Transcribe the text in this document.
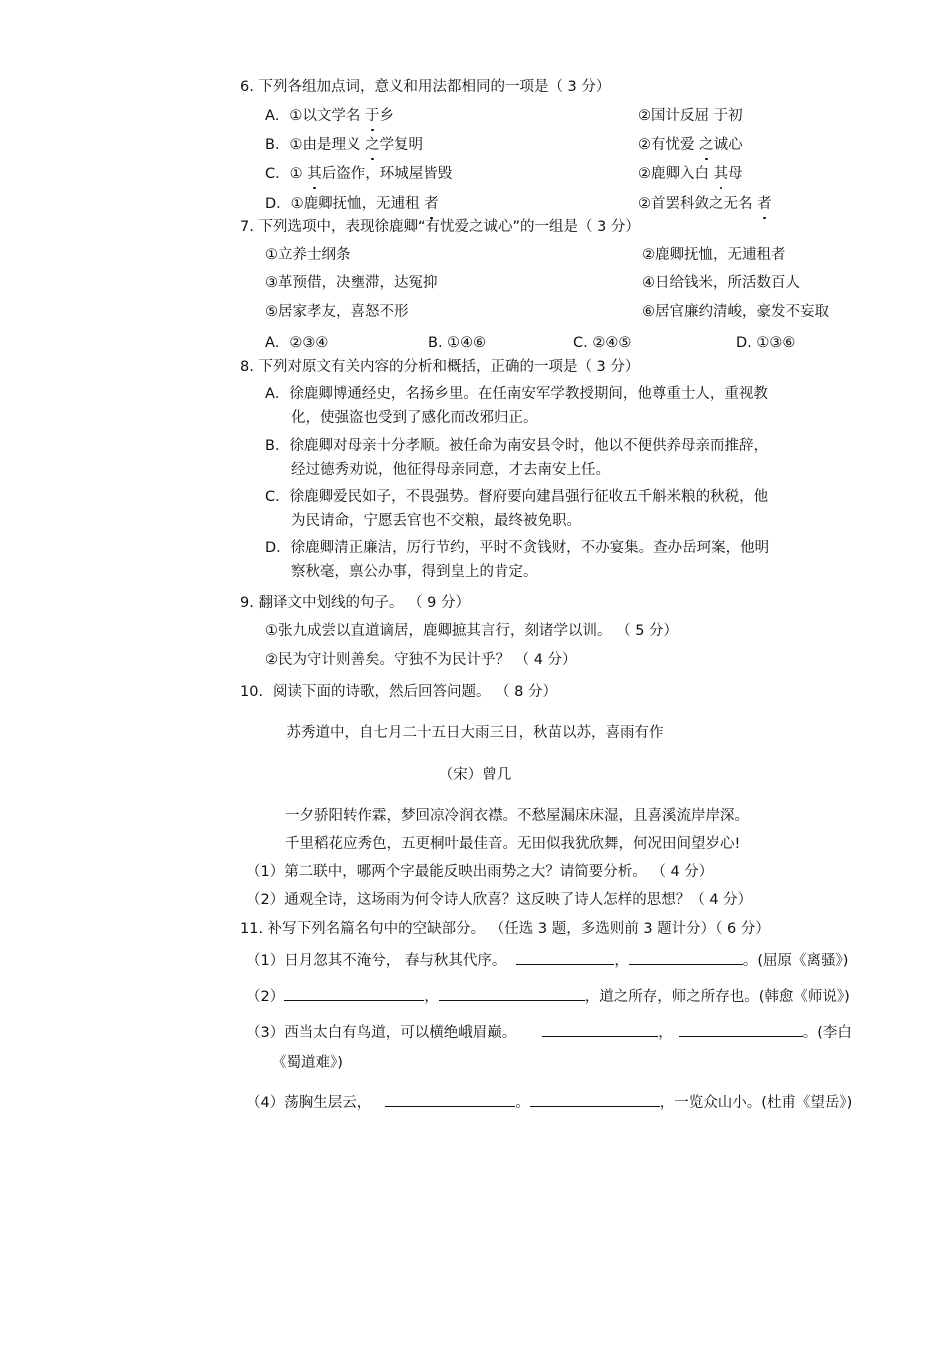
6. 下列各组加点词，意义和用法都相同的一项是（ 3 分）
A．①以文学名 于乡	②国计反屈 于初
B．①由是理义 之学复明	②有忧爱 之诚心
C．① 其后盗作，环城屋皆毁	②鹿卿入白 其母
D．①鹿卿抚恤，无逋租 者	②首罢科敛之无名 者
7. 下列选项中，表现徐鹿卿“有忧爱之诚心”的一组是（ 3 分）
①立养士纲条	②鹿卿抚恤，无逋租者
③革预借，决壅滞，达冤抑	④日给钱米，所活数百人
⑤居家孝友，喜怒不形	⑥居官廉约清峻，豪发不妄取
A．②③④	B. ①④⑥	C. ②④⑤	D. ①③⑥
8. 下列对原文有关内容的分析和概括，正确的一项是（ 3 分）
A．徐鹿卿博通经史，名扬乡里。在任南安军学教授期间，他尊重士人，重视教
化，使强盗也受到了感化而改邪归正。
B．徐鹿卿对母亲十分孝顺。被任命为南安县令时，他以不便供养母亲而推辞，
经过德秀劝说，他征得母亲同意，才去南安上任。
C．徐鹿卿爱民如子，不畏强势。督府要向建昌强行征收五千斛米粮的秋税，他
为民请命，宁愿丢官也不交粮，最终被免职。
D．徐鹿卿清正廉洁，厉行节约，平时不贪钱财，不办宴集。查办岳珂案，他明
察秋毫，禀公办事，得到皇上的肯定。
9. 翻译文中划线的句子。 （ 9 分）
①张九成尝以直道谪居，鹿卿摭其言行，刻诸学以训。 （ 5 分）
②民为守计则善矣。守独不为民计乎？ （ 4 分）
10．阅读下面的诗歌，然后回答问题。 （ 8 分）
苏秀道中，自七月二十五日大雨三日，秋苗以苏，喜雨有作
（宋）曾几
一夕骄阳转作霖，梦回凉冷润衣襟。不愁屋漏床床湿，且喜溪流岸岸深。
千里稻花应秀色，五更桐叶最佳音。无田似我犹欣舞，何况田间望岁心!
（1）第二联中，哪两个字最能反映出雨势之大？请简要分析。 （ 4 分）
（2）通观全诗，这场雨为何令诗人欣喜？这反映了诗人怎样的思想？（ 4 分）
11. 补写下列名篇名句中的空缺部分。 （任选 3 题，多选则前 3 题计分）（ 6 分）
（1）日月忽其不淹兮， 春与秋其代序。	，	。(屈原《离骚》)
（2）	，	，道之所存，师之所存也。(韩愈《师说》)
（3）西当太白有鸟道，可以横绝峨眉巅。	，	。(李白
《蜀道难》)
（4）荡胸生层云，	。	，一览众山小。(杜甫《望岳》)
